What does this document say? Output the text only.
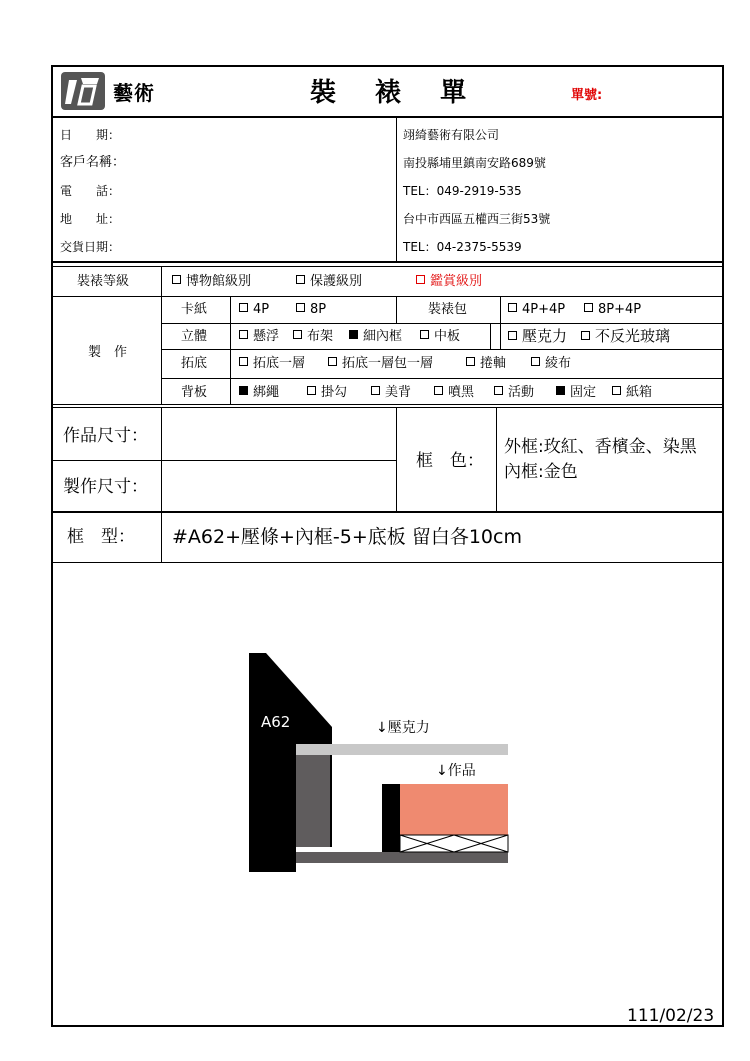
藝術	裝 裱 單	單號:
日　　期：
客戶名稱：
電　　話：
地　　址：
交貨日期：
翊綺藝術有限公司
南投縣埔里鎮南安路689號
TEL：049-2919-535
台中市西區五權西三街53號
TEL：04-2375-5539
裝裱等級	博物館級別	保護級別	鑑賞級別
製　作
卡紙	4P	8P	裝裱包	4P+4P	8P+4P
立體	懸浮	布架	細內框	中板	壓克力	不反光玻璃
拓底	拓底一層	拓底一層包一層	捲軸	綾布
背板	綁繩	掛勾	美背	噴黑	活動	固定	紙箱
作品尺寸：
製作尺寸：
框　色：
外框:玫紅、香檳金、染黑
內框:金色
框　型： #A62+壓條+內框-5+底板 留白各10cm
A62	↓壓克力
↓作品
111/02/23
